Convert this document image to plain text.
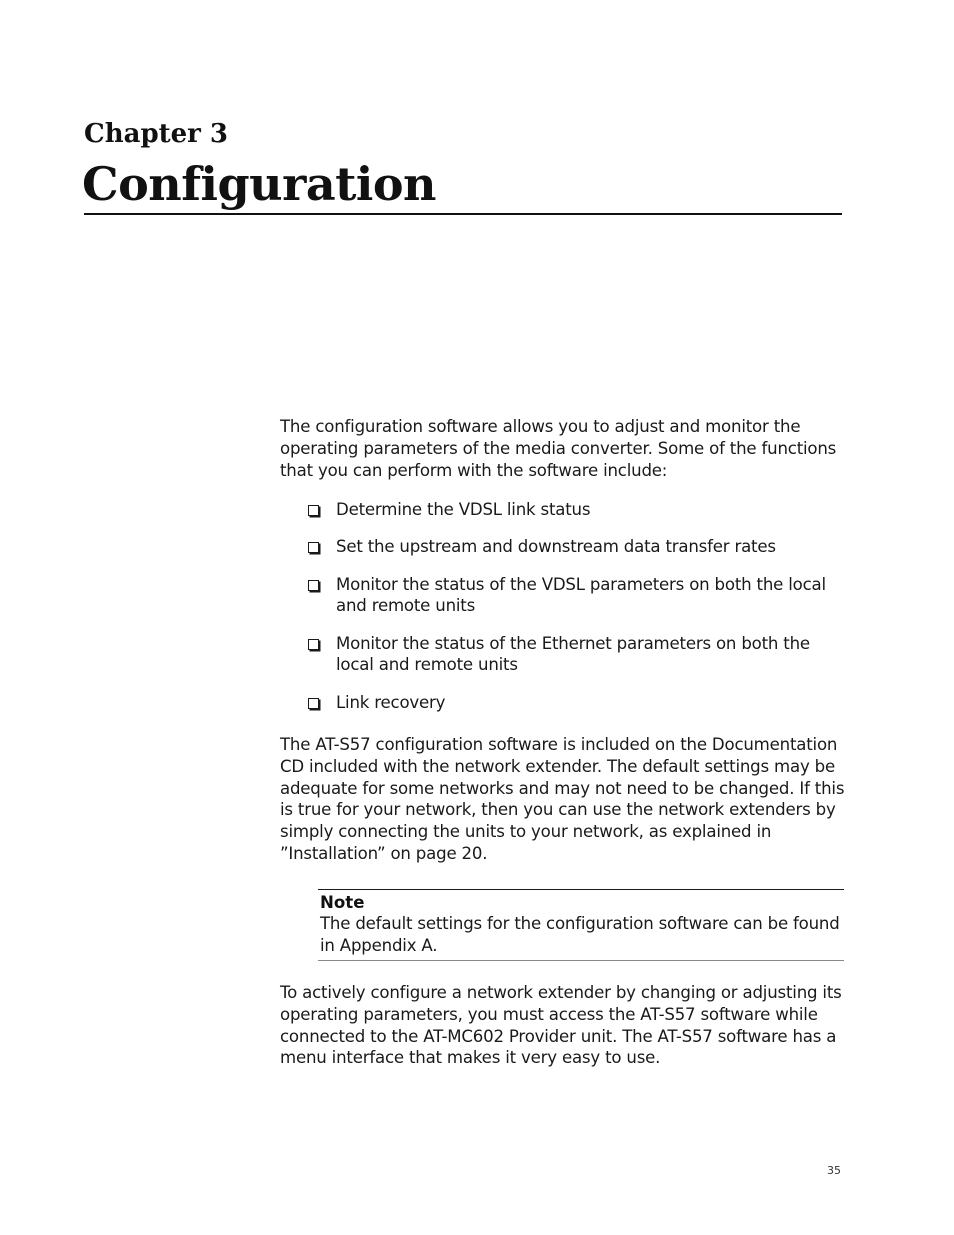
Chapter 3
Configuration

The configuration software allows you to adjust and monitor the operating parameters of the media converter. Some of the functions that you can perform with the software include:

Determine the VDSL link status
Set the upstream and downstream data transfer rates
Monitor the status of the VDSL parameters on both the local and remote units
Monitor the status of the Ethernet parameters on both the local and remote units
Link recovery

The AT-S57 configuration software is included on the Documentation CD included with the network extender. The default settings may be adequate for some networks and may not need to be changed. If this is true for your network, then you can use the network extenders by simply connecting the units to your network, as explained in ”Installation” on page 20.

Note
The default settings for the configuration software can be found in Appendix A.

To actively configure a network extender by changing or adjusting its operating parameters, you must access the AT-S57 software while connected to the AT-MC602 Provider unit. The AT-S57 software has a menu interface that makes it very easy to use.

35
